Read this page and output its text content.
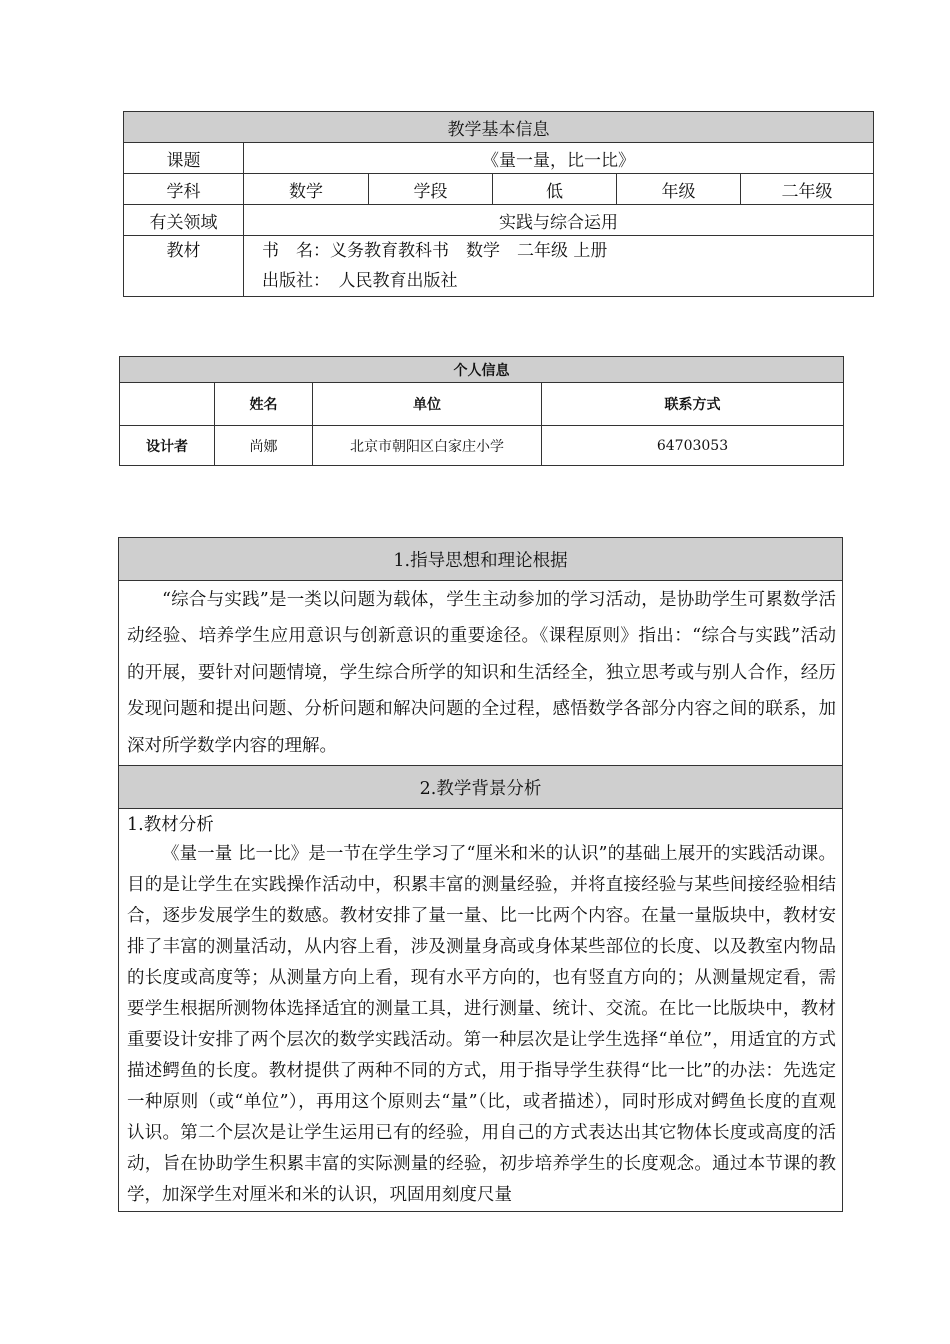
教学基本信息					
课题	《量一量，比一比》				
学科	数学	学段	低	年级	二年级
有关领域	实践与综合运用				

教材	书　名：义务教育教科书　数学　二年级 上册
出版社：　人民教育出版社				
个人信息			
	姓名	单位	联系方式
设计者	尚娜	北京市朝阳区白家庄小学	64703053
1.指导思想和理论根据

“综合与实践”是一类以问题为载体，学生主动参加的学习活动，是协助学生可累数学活动经验、培养学生应用意识与创新意识的重要途径。《课程原则》指出：“综合与实践”活动的开展，要针对问题情境，学生综合所学的知识和生活经全，独立思考或与别人合作，经历发现问题和提出问题、分析问题和解决问题的全过程，感悟数学各部分内容之间的联系，加深对所学数学内容的理解。

2.教学背景分析

1.教材分析
《量一量 比一比》是一节在学生学习了“厘米和米的认识”的基础上展开的实践活动课。目的是让学生在实践操作活动中，积累丰富的测量经验，并将直接经验与某些间接经验相结合，逐步发展学生的数感。教材安排了量一量、比一比两个内容。在量一量版块中，教材安排了丰富的测量活动，从内容上看，涉及测量身高或身体某些部位的长度、以及教室内物品的长度或高度等；从测量方向上看，现有水平方向的，也有竖直方向的；从测量规定看，需要学生根据所测物体选择适宜的测量工具，进行测量、统计、交流。在比一比版块中，教材重要设计安排了两个层次的数学实践活动。第一种层次是让学生选择“单位”，用适宜的方式描述鳄鱼的长度。教材提供了两种不同的方式，用于指导学生获得“比一比”的办法：先选定一种原则（或“单位”），再用这个原则去“量”（比，或者描述），同时形成对鳄鱼长度的直观认识。第二个层次是让学生运用已有的经验，用自己的方式表达出其它物体长度或高度的活动，旨在协助学生积累丰富的实际测量的经验，初步培养学生的长度观念。通过本节课的教学，加深学生对厘米和米的认识，巩固用刻度尺量
